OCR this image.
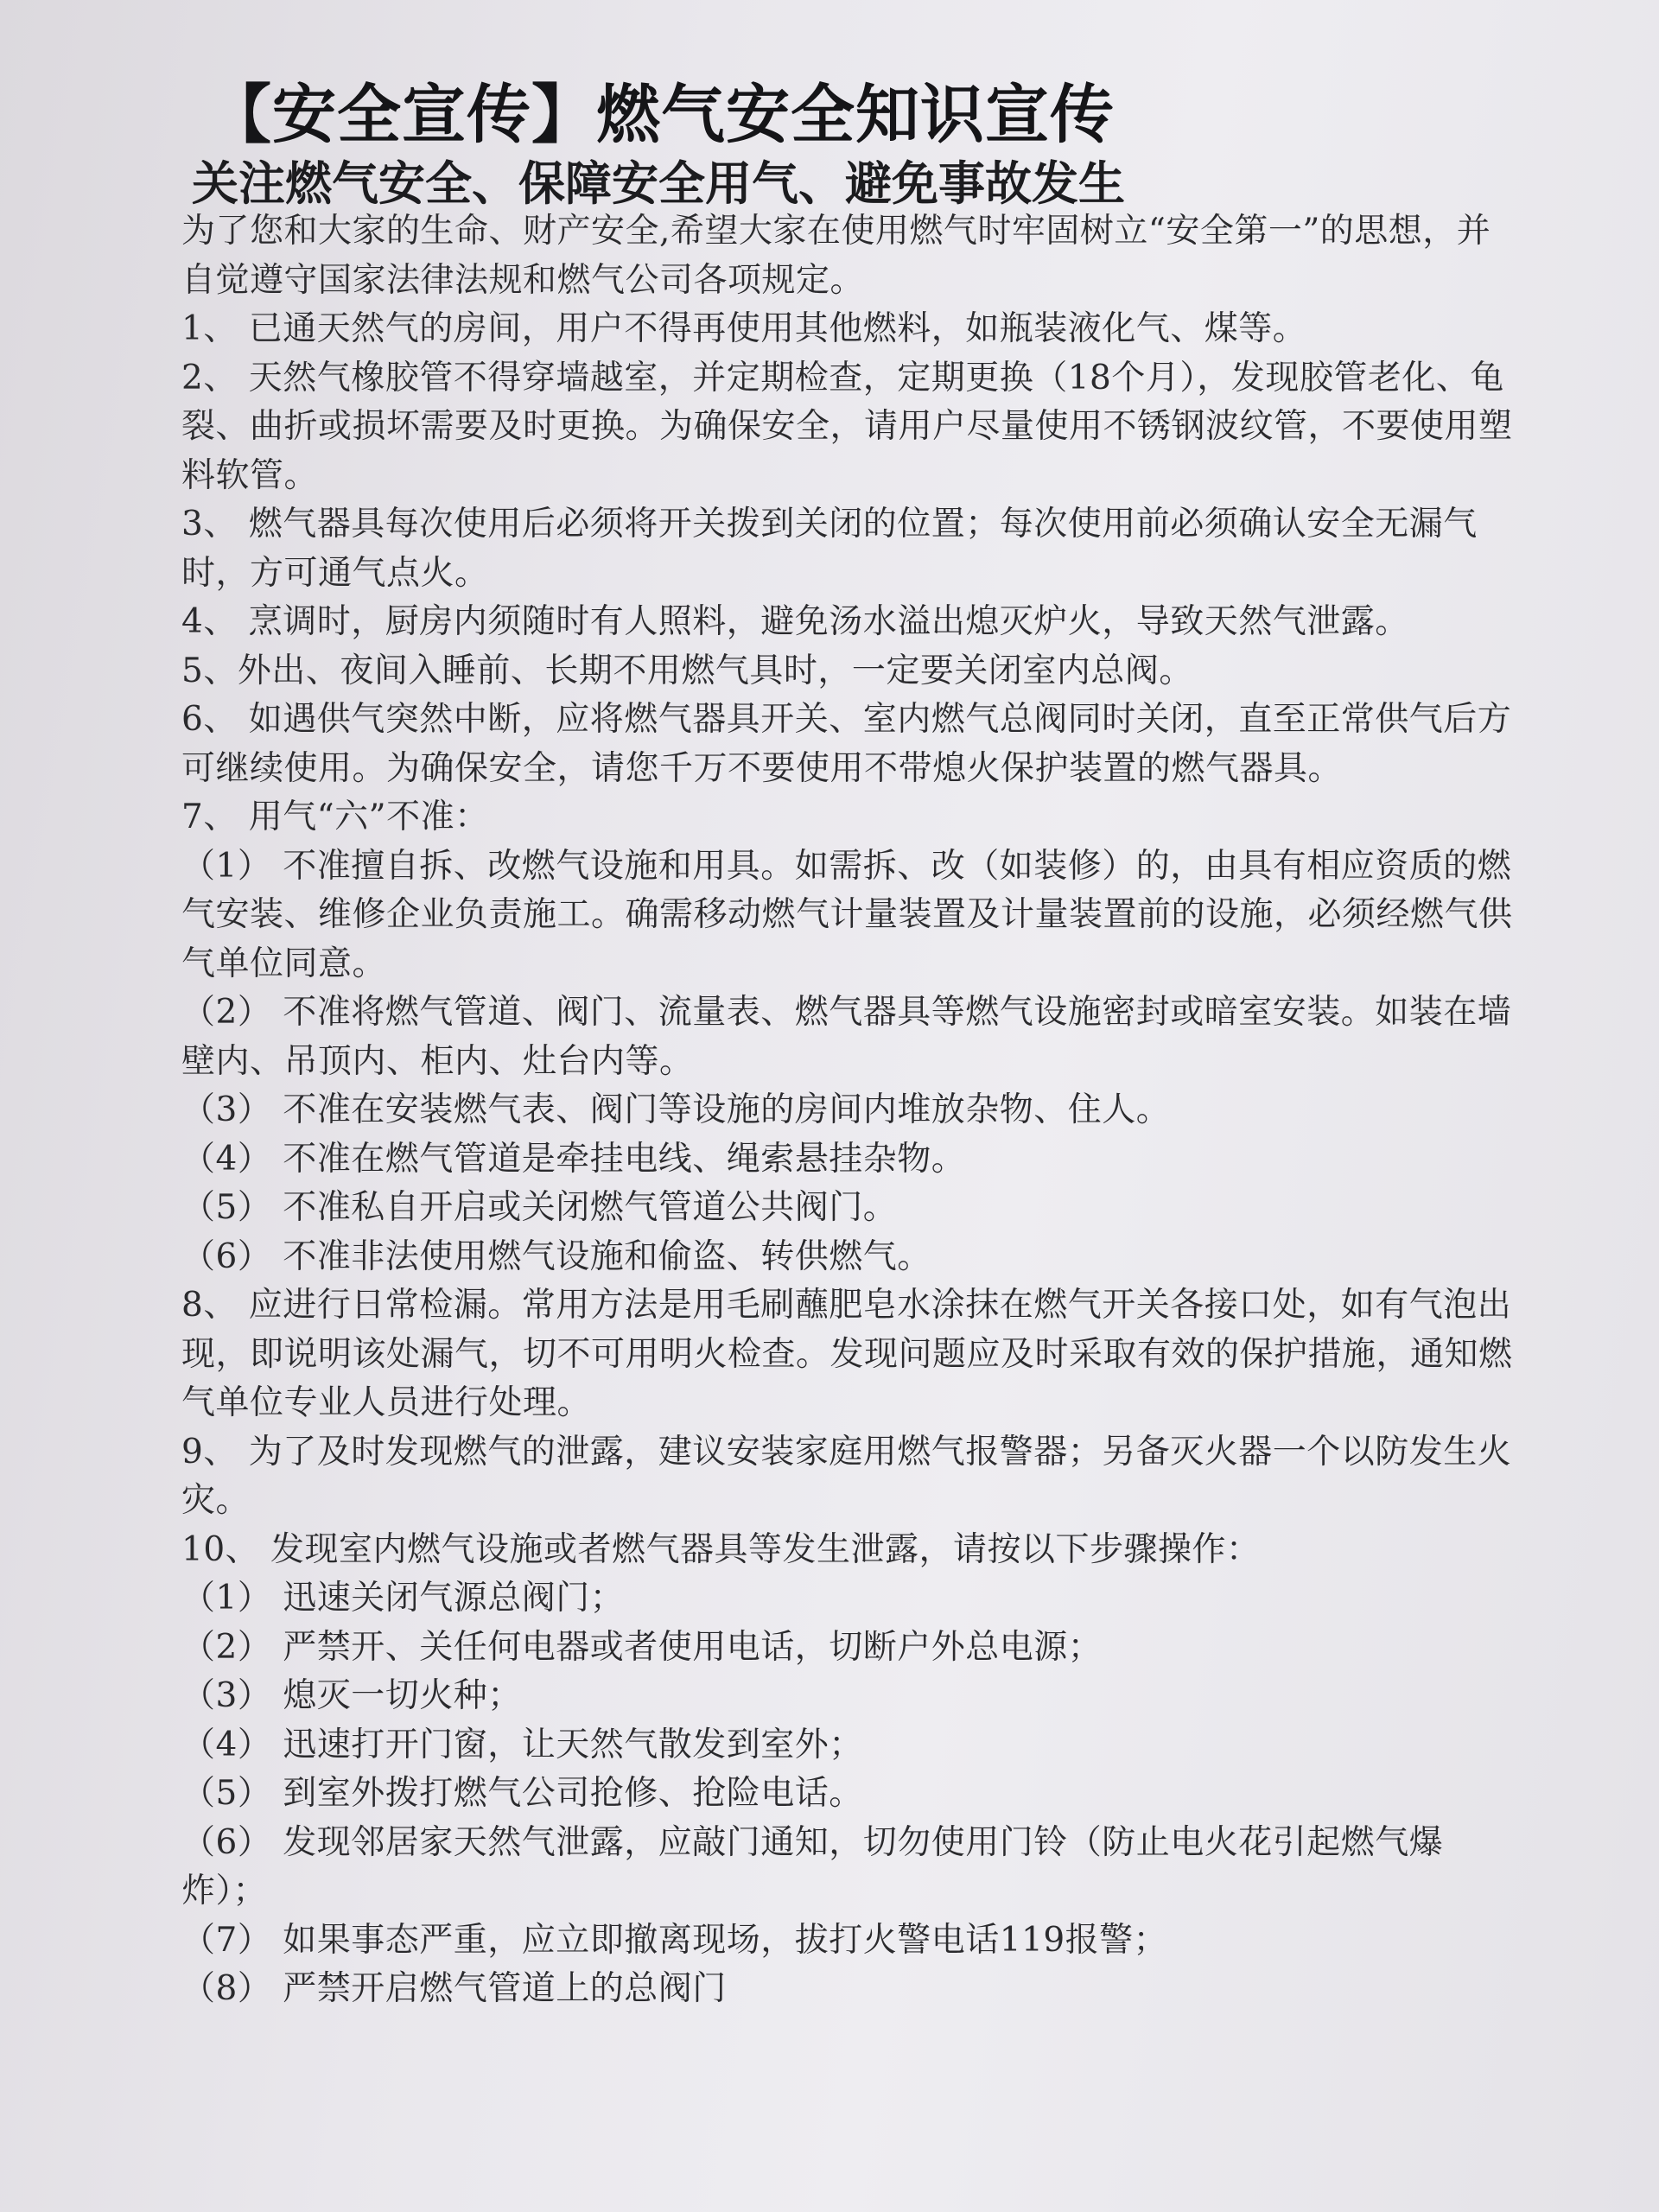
【安全宣传】燃气安全知识宣传
关注燃气安全、保障安全用气、避免事故发生

为了您和大家的生命、财产安全,希望大家在使用燃气时牢固树立“安全第一”的思想，并自觉遵守国家法律法规和燃气公司各项规定。

1、 已通天然气的房间，用户不得再使用其他燃料，如瓶装液化气、煤等。

2、 天然气橡胶管不得穿墙越室，并定期检查，定期更换（18个月），发现胶管老化、龟裂、曲折或损坏需要及时更换。为确保安全，请用户尽量使用不锈钢波纹管，不要使用塑料软管。

3、 燃气器具每次使用后必须将开关拨到关闭的位置；每次使用前必须确认安全无漏气时，方可通气点火。

4、 烹调时，厨房内须随时有人照料，避免汤水溢出熄灭炉火，导致天然气泄露。

5、外出、夜间入睡前、长期不用燃气具时，一定要关闭室内总阀。

6、 如遇供气突然中断，应将燃气器具开关、室内燃气总阀同时关闭，直至正常供气后方可继续使用。为确保安全，请您千万不要使用不带熄火保护装置的燃气器具。

7、 用气“六”不准：

（1） 不准擅自拆、改燃气设施和用具。如需拆、改（如装修）的，由具有相应资质的燃气安装、维修企业负责施工。确需移动燃气计量装置及计量装置前的设施，必须经燃气供气单位同意。

（2） 不准将燃气管道、阀门、流量表、燃气器具等燃气设施密封或暗室安装。如装在墙壁内、吊顶内、柜内、灶台内等。

（3） 不准在安装燃气表、阀门等设施的房间内堆放杂物、住人。

（4） 不准在燃气管道是牵挂电线、绳索悬挂杂物。

（5） 不准私自开启或关闭燃气管道公共阀门。

（6） 不准非法使用燃气设施和偷盗、转供燃气。

8、 应进行日常检漏。常用方法是用毛刷蘸肥皂水涂抹在燃气开关各接口处，如有气泡出现，即说明该处漏气，切不可用明火检查。发现问题应及时采取有效的保护措施，通知燃气单位专业人员进行处理。

9、 为了及时发现燃气的泄露，建议安装家庭用燃气报警器；另备灭火器一个以防发生火灾。

10、 发现室内燃气设施或者燃气器具等发生泄露，请按以下步骤操作：

（1） 迅速关闭气源总阀门；

（2） 严禁开、关任何电器或者使用电话，切断户外总电源；

（3） 熄灭一切火种；

（4） 迅速打开门窗，让天然气散发到室外；

（5） 到室外拨打燃气公司抢修、抢险电话。

（6） 发现邻居家天然气泄露，应敲门通知，切勿使用门铃（防止电火花引起燃气爆炸）；

（7） 如果事态严重，应立即撤离现场，拔打火警电话119报警；

（8） 严禁开启燃气管道上的总阀门
